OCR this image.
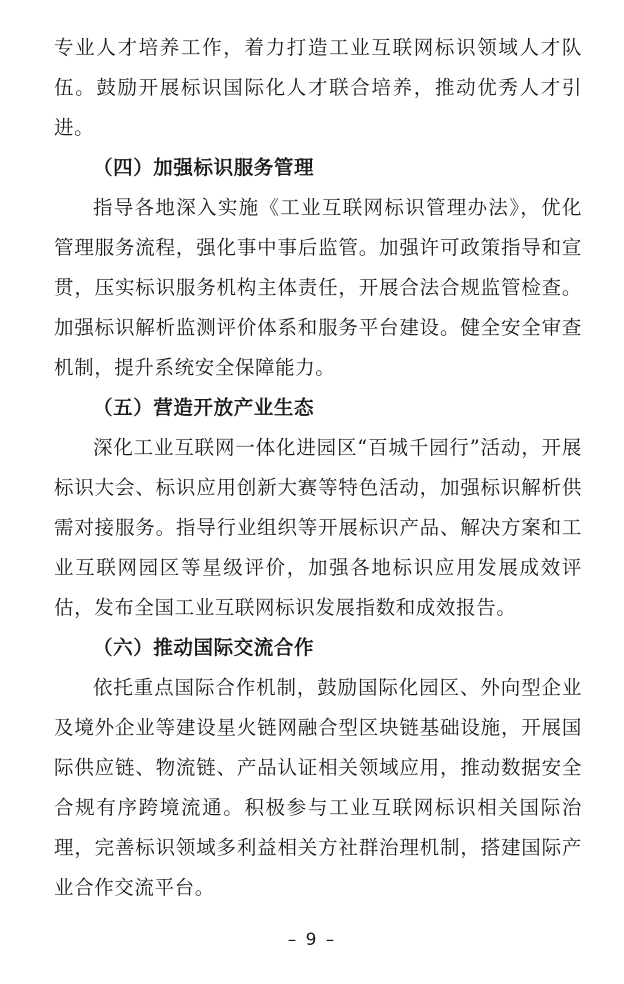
专业人才培养工作，着力打造工业互联网标识领域人才队伍。鼓励开展标识国际化人才联合培养，推动优秀人才引进。

（四）加强标识服务管理

指导各地深入实施《工业互联网标识管理办法》，优化管理服务流程，强化事中事后监管。加强许可政策指导和宣贯，压实标识服务机构主体责任，开展合法合规监管检查。加强标识解析监测评价体系和服务平台建设。健全安全审查机制，提升系统安全保障能力。

（五）营造开放产业生态

深化工业互联网一体化进园区“百城千园行”活动，开展标识大会、标识应用创新大赛等特色活动，加强标识解析供需对接服务。指导行业组织等开展标识产品、解决方案和工业互联网园区等星级评价，加强各地标识应用发展成效评估，发布全国工业互联网标识发展指数和成效报告。

（六）推动国际交流合作

依托重点国际合作机制，鼓励国际化园区、外向型企业及境外企业等建设星火链网融合型区块链基础设施，开展国际供应链、物流链、产品认证相关领域应用，推动数据安全合规有序跨境流通。积极参与工业互联网标识相关国际治理，完善标识领域多利益相关方社群治理机制，搭建国际产业合作交流平台。

– 9 –
